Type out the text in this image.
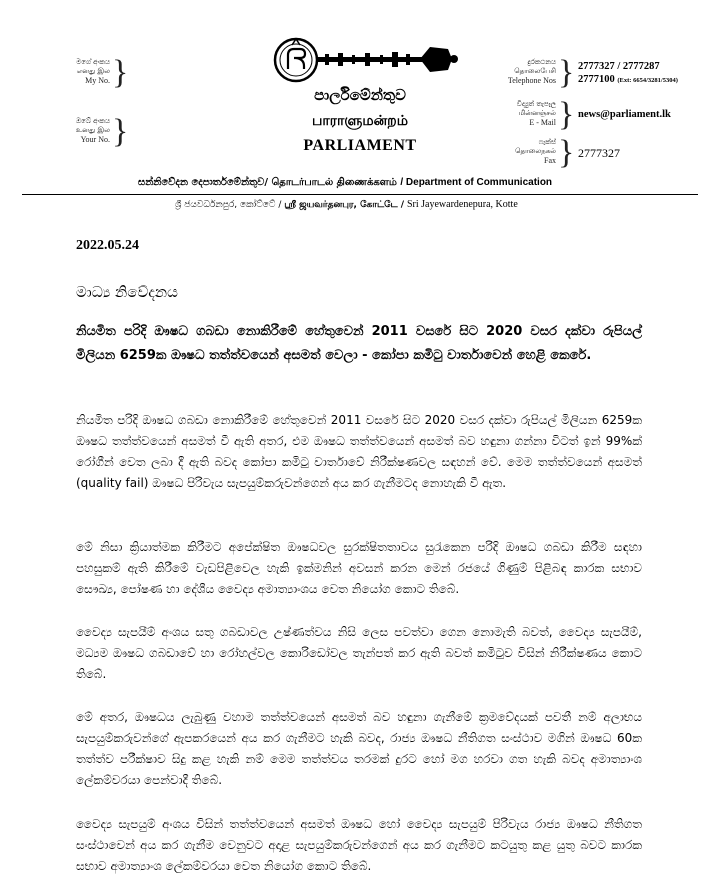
මගේ අංකය
எனது இல
My No. }
ඔබේ අංකය
உனது இல
Your No. }
පාර්ලිමේන්තුව
பாராளுமன்றம்
PARLIAMENT
දුරකථනය
தொலைபேசி
Telephone Nos } 2777327 / 2777287
2777100 (Ext: 6654/3281/5304)
විද්‍යුත් තැපෑල
மின்னஞ்சல்
E - Mail } news@parliament.lk
ෆැක්ස්
தொலைநகல்
Fax } 2777327
සන්නිවේදන දෙපාර්තමේන්තුව/ தொடர்பாடல் திணைக்களம் / Department of Communication
ශ්‍රී ජයවර්ධනපුර, කෝට්ටේ / ஸ்ரீ ஜயவர்தனபுர, கோட்டே / Sri Jayewardenepura, Kotte
2022.05.24
මාධ්‍ය නිවේදනය
නියමිත පරිදි ඖෂධ ගබඩා නොකිරීමේ හේතුවෙන් 2011 වසරේ සිට 2020 වසර දක්වා රුපියල් මිලියන 6259ක ඖෂධ තත්ත්වයෙන් අසමත් වෙලා - කෝපා කමිටු වාර්තාවෙන් හෙළි කෙරේ.
නියමිත පරිදි ඖෂධ ගබඩා නොකිරීමේ හේතුවෙන් 2011 වසරේ සිට 2020 වසර දක්වා රුපියල් මිලියන 6259ක ඖෂධ තත්ත්වයෙන් අසමත් වී ඇති අතර, එම ඖෂධ තත්ත්වයෙන් අසමත් බව හඳුනා ගන්නා විටත් ඉන් 99%ක් රෝගීන් වෙත ලබා දී ඇති බවද කෝපා කමිටු වාර්තාවේ නිරීක්ෂණවල සඳහන් වේ. මෙම තත්ත්වයෙන් අසමත් (quality fail) ඖෂධ පිරිවැය සැපයුම්කරුවන්ගෙන් අය කර ගැනීමටද නොහැකි වී ඇත.
මේ නිසා ක්‍රියාත්මක කිරීමට අපේක්ෂිත ඖෂධවල සුරක්ෂිතතාවය සුරැකෙන පරිදි ඖෂධ ගබඩා කිරීම සඳහා පහසුකම් ඇති කිරීමේ වැඩපිළිවෙල හැකි ඉක්මනින් අවසන් කරන මෙන් රජයේ ගිණුම් පිළිබඳ කාරක සභාව සෞඛ්‍ය, පෝෂණ හා දේශීය වෛද්‍ය අමාත්‍යාංශය වෙත නියෝග කොට තිබේ.
වෛද්‍ය සැපයීම් අංශය සතු ගබඩාවල උෂ්ණත්වය නිසි ලෙස පවත්වා ගෙන නොමැති බවත්, වෛද්‍ය සැපයීම්, මධ්‍යම ඖෂධ ගබඩාවේ හා රෝහල්වල කොරිඩෝවල තැන්පත් කර ඇති බවත් කමිටුව විසින් නිරීක්ෂණය කොට තිබේ.
මේ අතර, ඖෂධය ලැබුණු වහාම තත්ත්වයෙන් අසමත් බව හඳුනා ගැනීමේ ක්‍රමවේදයක් පවතී නම් අලාභය සැපයුම්කරුවන්ගේ ඇපකරයෙන් අය කර ගැනීමට හැකි බවද, රාජ්‍ය ඖෂධ නීතිගත සංස්ථාව මගින් ඖෂධ 60ක තත්ත්ව පරීක්ෂාව සිදු කළ හැකි නම් මෙම තත්ත්වය තරමක් දුරට හෝ මග හරවා ගත හැකි බවද අමාත්‍යාංශ ලේකම්වරයා පෙන්වාදී තිබේ.
වෛද්‍ය සැපයුම් අංශය විසින් තත්ත්වයෙන් අසමත් ඖෂධ හෝ වෛද්‍ය සැපයුම් පිරිවැය රාජ්‍ය ඖෂධ නීතිගත සංස්ථාවෙන් අය කර ගැනීම වෙනුවට අදාළ සැපයුම්කරුවන්ගෙන් අය කර ගැනීමට කටයුතු කළ යුතු බවට කාරක සභාව අමාත්‍යාංශ ලේකම්වරයා වෙත නියෝග කොට තිබේ.
